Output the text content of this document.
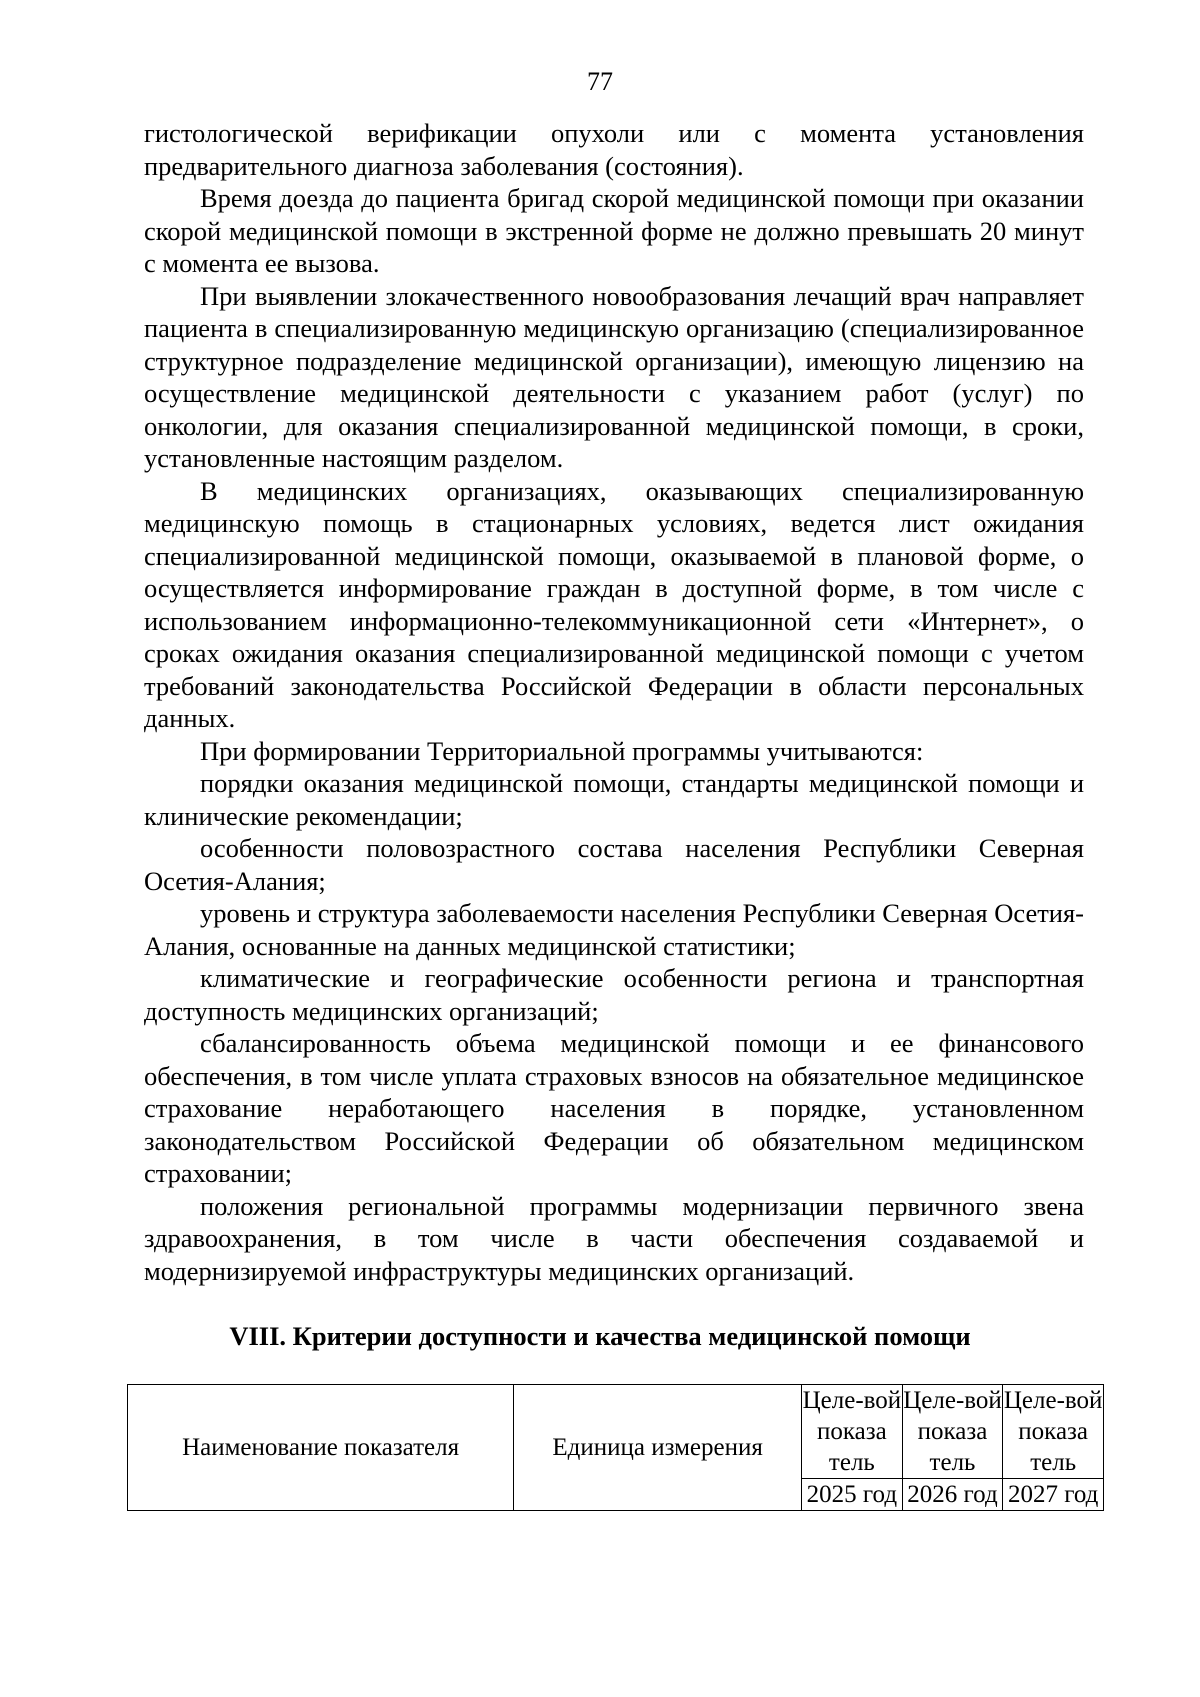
77

гистологической верификации опухоли или с момента установления предварительного диагноза заболевания (состояния).

Время доезда до пациента бригад скорой медицинской помощи при оказании скорой медицинской помощи в экстренной форме не должно превышать 20 минут с момента ее вызова.

При выявлении злокачественного новообразования лечащий врач направляет пациента в специализированную медицинскую организацию (специализированное структурное подразделение медицинской организации), имеющую лицензию на осуществление медицинской деятельности с указанием работ (услуг) по онкологии, для оказания специализированной медицинской помощи, в сроки, установленные настоящим разделом.

В медицинских организациях, оказывающих специализированную медицинскую помощь в стационарных условиях, ведется лист ожидания специализированной медицинской помощи, оказываемой в плановой форме, о осуществляется информирование граждан в доступной форме, в том числе с использованием информационно-телекоммуникационной сети «Интернет», о сроках ожидания оказания специализированной медицинской помощи с учетом требований законодательства Российской Федерации в области персональных данных.

При формировании Территориальной программы учитываются:

порядки оказания медицинской помощи, стандарты медицинской помощи и клинические рекомендации;

особенности половозрастного состава населения Республики Северная Осетия-Алания;

уровень и структура заболеваемости населения Республики Северная Осетия-Алания, основанные на данных медицинской статистики;

климатические и географические особенности региона и транспортная доступность медицинских организаций;

сбалансированность объема медицинской помощи и ее финансового обеспечения, в том числе уплата страховых взносов на обязательное медицинское страхование неработающего населения в порядке, установленном законодательством Российской Федерации об обязательном медицинском страховании;

положения региональной программы модернизации первичного звена здравоохранения, в том числе в части обеспечения создаваемой и модернизируемой инфраструктуры медицинских организаций.

VIII. Критерии доступности и качества медицинской помощи
Наименование показателя	Единица измерения	Целе-вой показа тель	Целе-вой показа тель	Целе-вой показа тель
		2025 год	2026 год	2027 год
